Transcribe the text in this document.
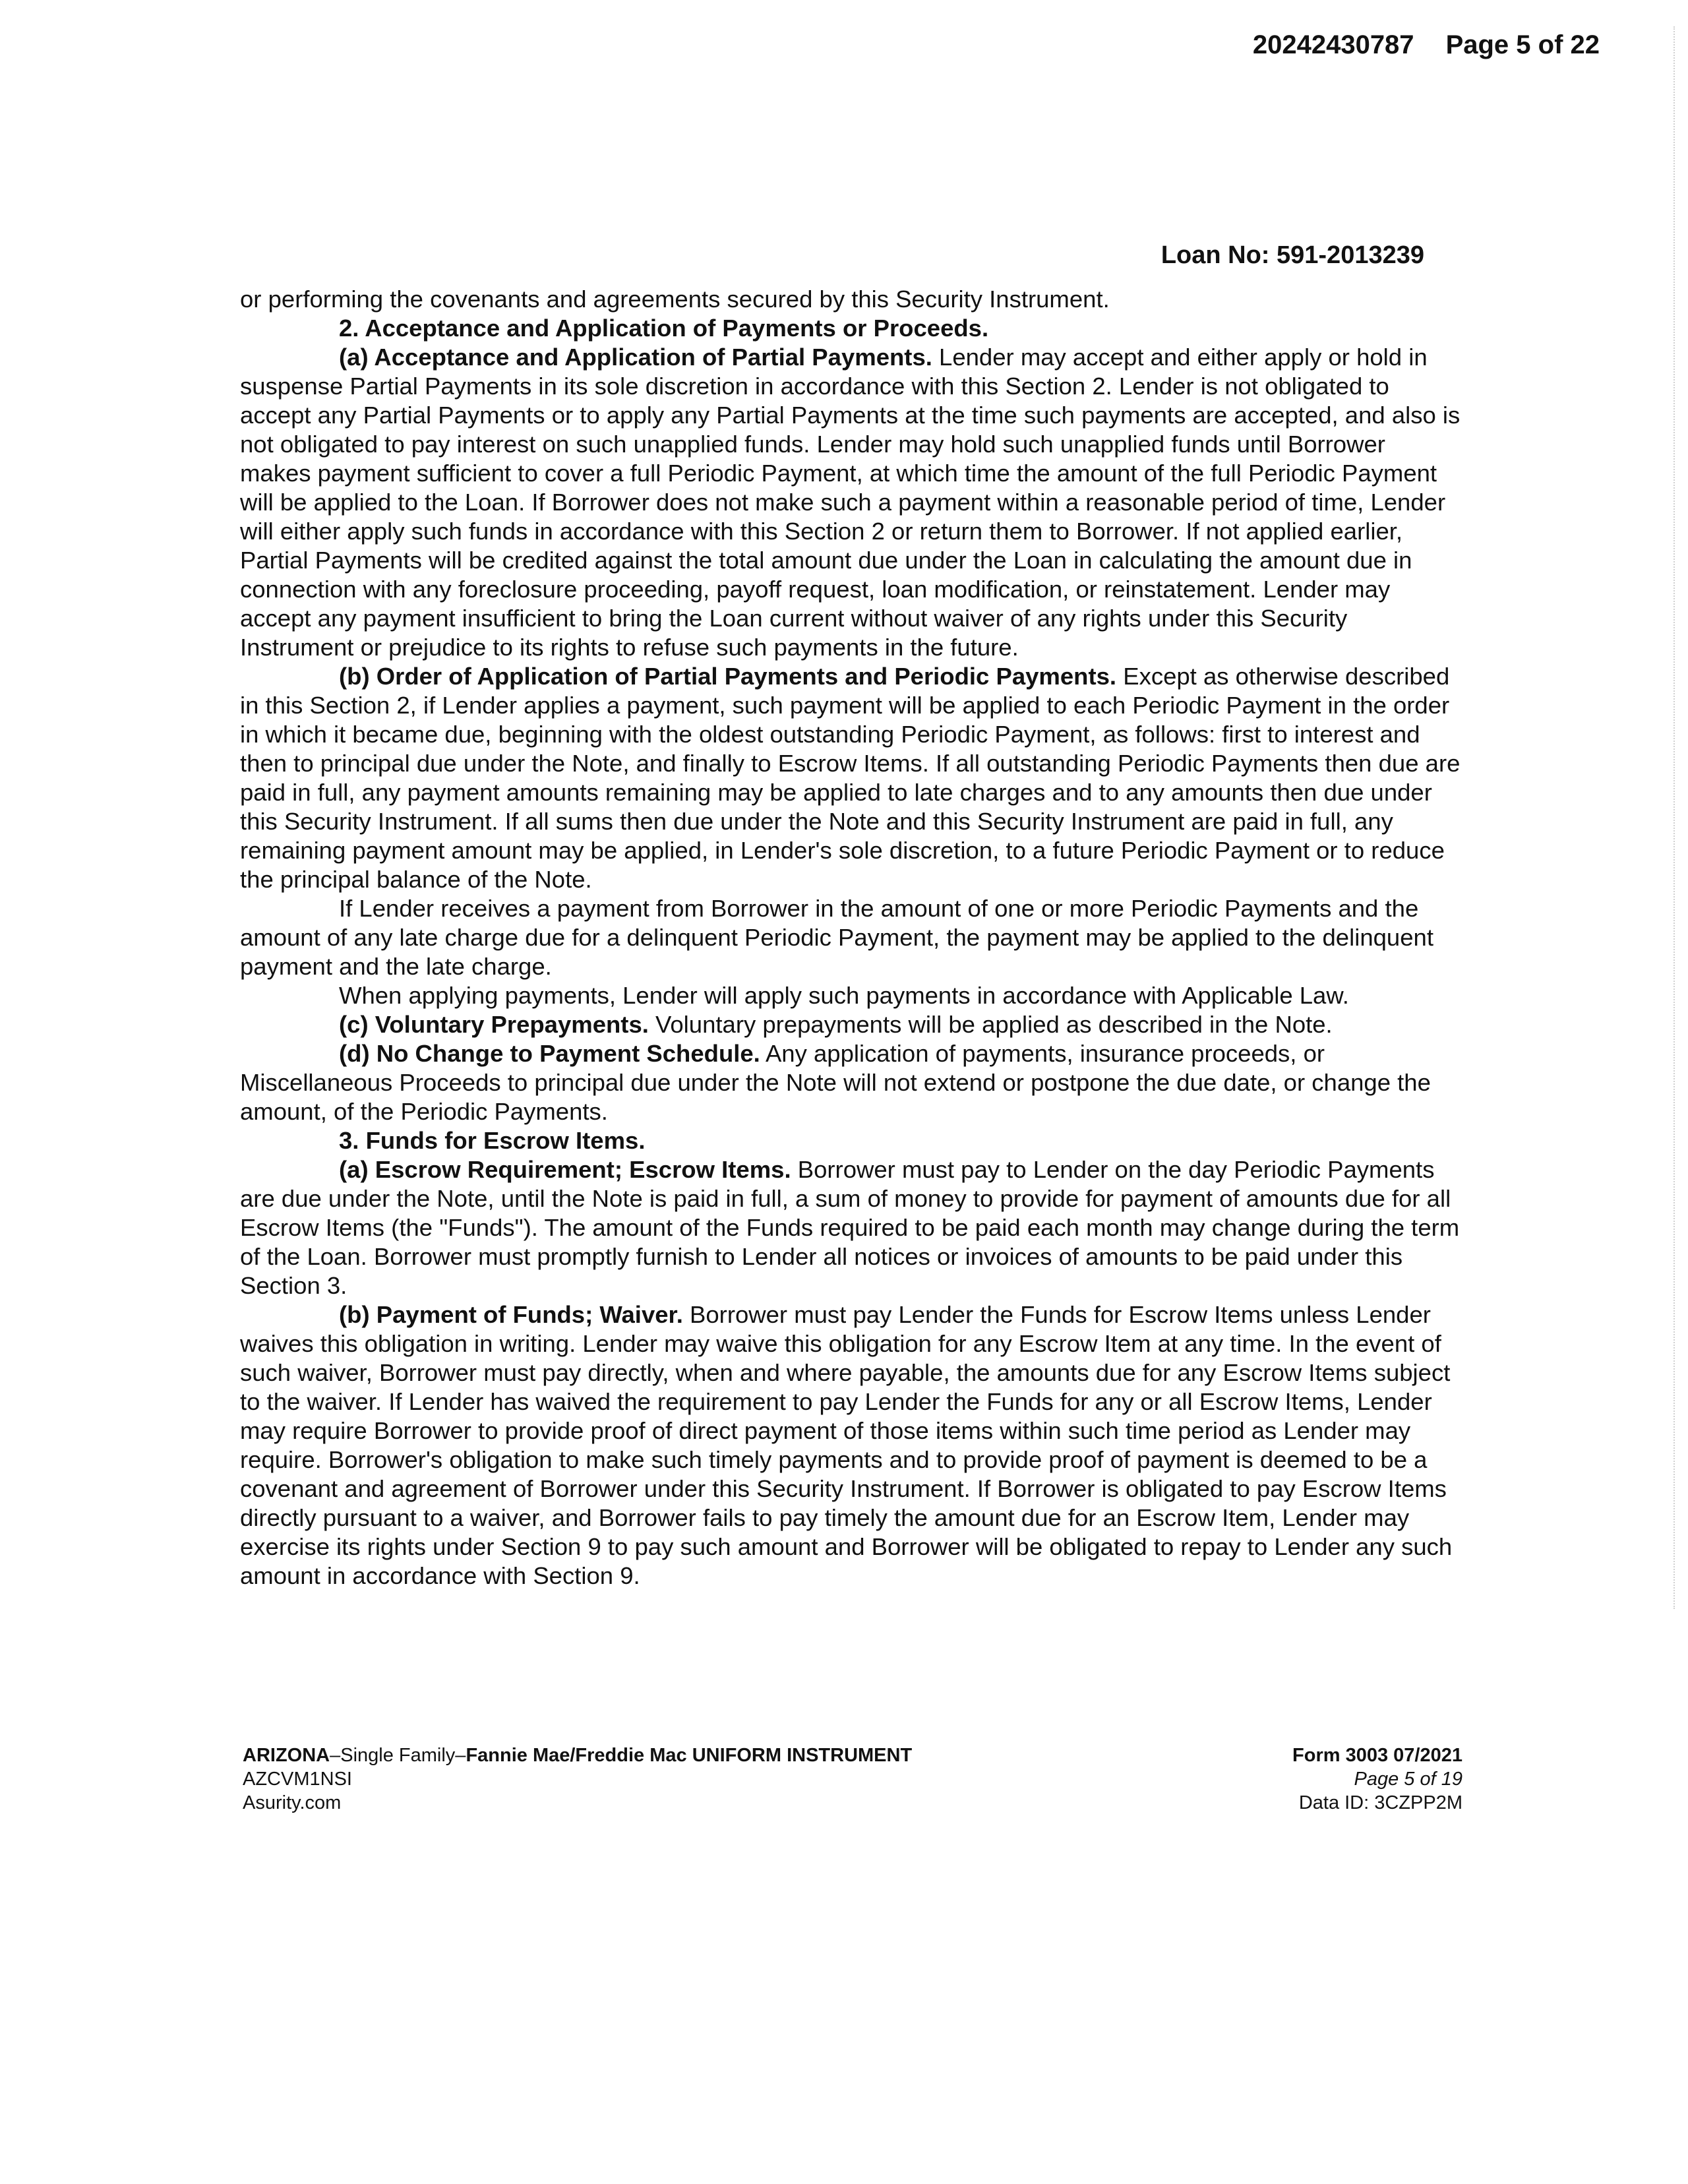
20242430787 Page 5 of 22
Loan No: 591-2013239

or performing the covenants and agreements secured by this Security Instrument.

2. Acceptance and Application of Payments or Proceeds.

(a) Acceptance and Application of Partial Payments. Lender may accept and either apply or hold in suspense Partial Payments in its sole discretion in accordance with this Section 2. Lender is not obligated to accept any Partial Payments or to apply any Partial Payments at the time such payments are accepted, and also is not obligated to pay interest on such unapplied funds. Lender may hold such unapplied funds until Borrower makes payment sufficient to cover a full Periodic Payment, at which time the amount of the full Periodic Payment will be applied to the Loan. If Borrower does not make such a payment within a reasonable period of time, Lender will either apply such funds in accordance with this Section 2 or return them to Borrower. If not applied earlier, Partial Payments will be credited against the total amount due under the Loan in calculating the amount due in connection with any foreclosure proceeding, payoff request, loan modification, or reinstatement. Lender may accept any payment insufficient to bring the Loan current without waiver of any rights under this Security Instrument or prejudice to its rights to refuse such payments in the future.

(b) Order of Application of Partial Payments and Periodic Payments. Except as otherwise described in this Section 2, if Lender applies a payment, such payment will be applied to each Periodic Payment in the order in which it became due, beginning with the oldest outstanding Periodic Payment, as follows: first to interest and then to principal due under the Note, and finally to Escrow Items. If all outstanding Periodic Payments then due are paid in full, any payment amounts remaining may be applied to late charges and to any amounts then due under this Security Instrument. If all sums then due under the Note and this Security Instrument are paid in full, any remaining payment amount may be applied, in Lender's sole discretion, to a future Periodic Payment or to reduce the principal balance of the Note.

If Lender receives a payment from Borrower in the amount of one or more Periodic Payments and the amount of any late charge due for a delinquent Periodic Payment, the payment may be applied to the delinquent payment and the late charge.

When applying payments, Lender will apply such payments in accordance with Applicable Law.

(c) Voluntary Prepayments. Voluntary prepayments will be applied as described in the Note.

(d) No Change to Payment Schedule. Any application of payments, insurance proceeds, or Miscellaneous Proceeds to principal due under the Note will not extend or postpone the due date, or change the amount, of the Periodic Payments.

3. Funds for Escrow Items.

(a) Escrow Requirement; Escrow Items. Borrower must pay to Lender on the day Periodic Payments are due under the Note, until the Note is paid in full, a sum of money to provide for payment of amounts due for all Escrow Items (the "Funds"). The amount of the Funds required to be paid each month may change during the term of the Loan. Borrower must promptly furnish to Lender all notices or invoices of amounts to be paid under this Section 3.

(b) Payment of Funds; Waiver. Borrower must pay Lender the Funds for Escrow Items unless Lender waives this obligation in writing. Lender may waive this obligation for any Escrow Item at any time. In the event of such waiver, Borrower must pay directly, when and where payable, the amounts due for any Escrow Items subject to the waiver. If Lender has waived the requirement to pay Lender the Funds for any or all Escrow Items, Lender may require Borrower to provide proof of direct payment of those items within such time period as Lender may require. Borrower's obligation to make such timely payments and to provide proof of payment is deemed to be a covenant and agreement of Borrower under this Security Instrument. If Borrower is obligated to pay Escrow Items directly pursuant to a waiver, and Borrower fails to pay timely the amount due for an Escrow Item, Lender may exercise its rights under Section 9 to pay such amount and Borrower will be obligated to repay to Lender any such amount in accordance with Section 9.

ARIZONA–Single Family–Fannie Mae/Freddie Mac UNIFORM INSTRUMENT
AZCVM1NSI
Asurity.com
Form 3003 07/2021
Page 5 of 19
Data ID: 3CZPP2M
